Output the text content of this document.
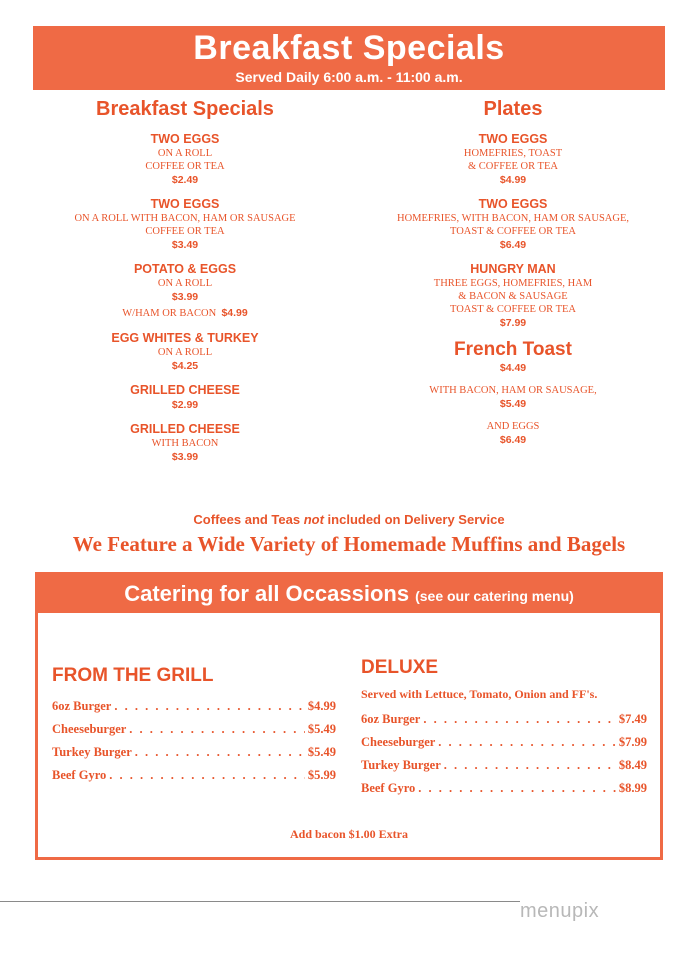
Breakfast Specials
Served Daily 6:00 a.m. - 11:00 a.m.
Breakfast Specials
TWO EGGS
ON A ROLL
COFFEE OR TEA
$2.49
TWO EGGS
ON A ROLL WITH BACON, HAM OR SAUSAGE
COFFEE OR TEA
$3.49
POTATO & EGGS
ON A ROLL
$3.99
W/HAM OR BACON $4.99
EGG WHITES & TURKEY
ON A ROLL
$4.25
GRILLED CHEESE
$2.99
GRILLED CHEESE
WITH BACON
$3.99
Plates
TWO EGGS
HOMEFRIES, TOAST
& COFFEE OR TEA
$4.99
TWO EGGS
HOMEFRIES, WITH BACON, HAM OR SAUSAGE,
TOAST & COFFEE OR TEA
$6.49
HUNGRY MAN
THREE EGGS, HOMEFRIES, HAM
& BACON & SAUSAGE
TOAST & COFFEE OR TEA
$7.99
French Toast
$4.49
WITH BACON, HAM OR SAUSAGE,
$5.49
AND EGGS
$6.49
Coffees and Teas not included on Delivery Service
We Feature a Wide Variety of Homemade Muffins and Bagels
Catering for all Occassions (see our catering menu)
FROM THE GRILL
6oz Burger . . .	$4.99
Cheeseburger . . .	$5.49
Turkey Burger . . .	$5.49
Beef Gyro . . .	$5.99
DELUXE
Served with Lettuce, Tomato, Onion and FF's.
6oz Burger . . .	$7.49
Cheeseburger . . .	$7.99
Turkey Burger . . .	$8.49
Beef Gyro . . .	$8.99
Add bacon $1.00 Extra
menupix
